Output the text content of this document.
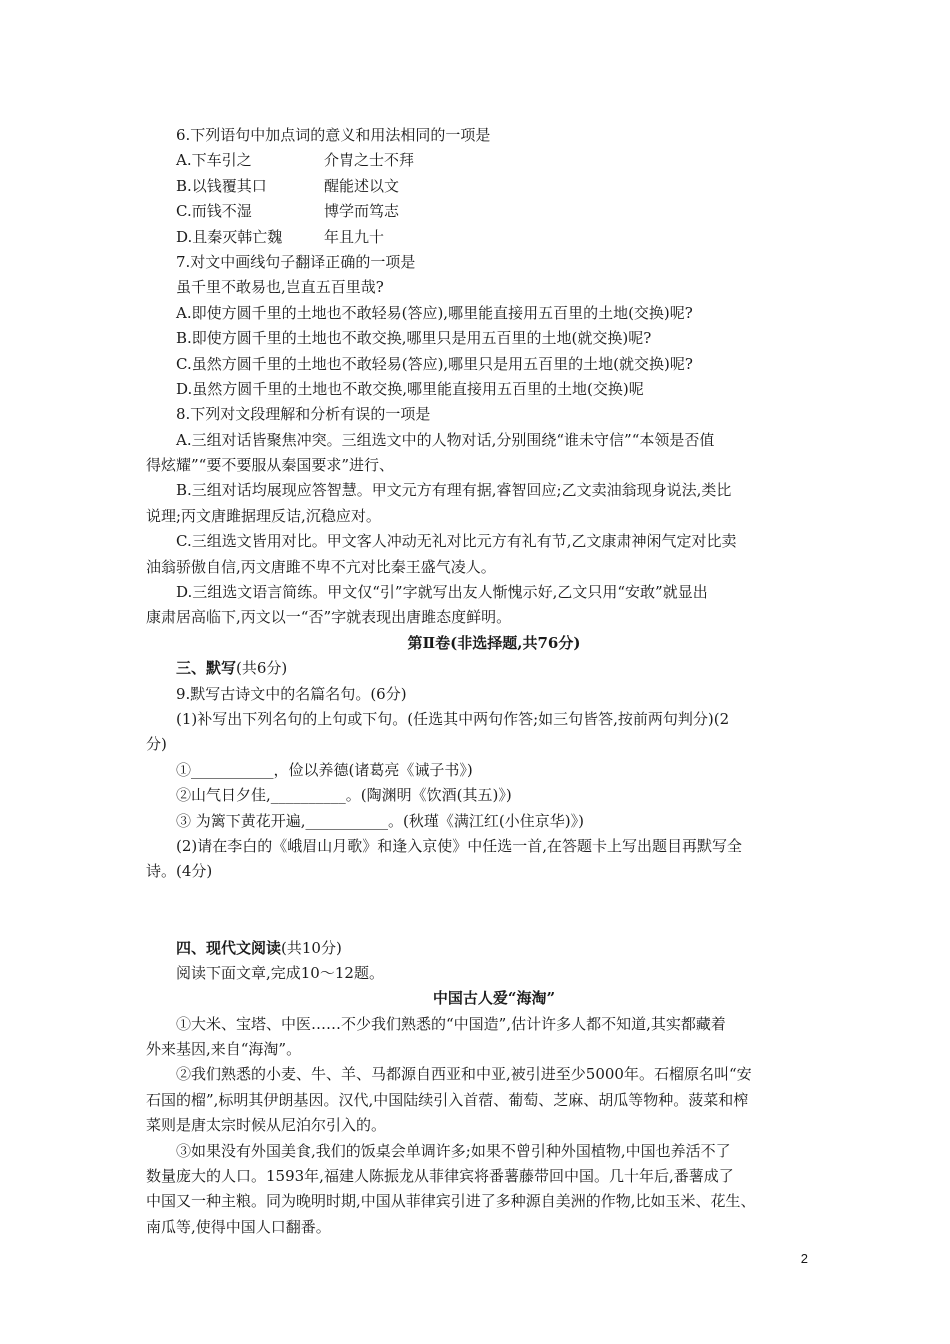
6.下列语句中加点词的意义和用法相同的一项是
A.下车引之	介胄之士不拜
B.以钱覆其口	醒能述以文
C.而钱不湿	博学而笃志
D.且秦灭韩亡魏	年且九十
7.对文中画线句子翻译正确的一项是
虽千里不敢易也,岂直五百里哉?
A.即使方圆千里的土地也不敢轻易(答应),哪里能直接用五百里的土地(交换)呢?
B.即使方圆千里的土地也不敢交换,哪里只是用五百里的土地(就交换)呢?
C.虽然方圆千里的土地也不敢轻易(答应),哪里只是用五百里的土地(就交换)呢?
D.虽然方圆千里的土地也不敢交换,哪里能直接用五百里的土地(交换)呢
8.下列对文段理解和分析有误的一项是
A.三组对话皆聚焦冲突。三组选文中的人物对话,分别围绕“谁未守信”“本领是否值
得炫耀”“要不要服从秦国要求”进行、
B.三组对话均展现应答智慧。甲文元方有理有据,睿智回应;乙文卖油翁现身说法,类比
说理;丙文唐雎据理反诘,沉稳应对。
C.三组选文皆用对比。甲文客人冲动无礼对比元方有礼有节,乙文康肃神闲气定对比卖
油翁骄傲自信,丙文唐雎不卑不亢对比秦王盛气凌人。
D.三组选文语言简练。甲文仅“引”字就写出友人惭愧示好,乙文只用“安敢”就显出
康肃居高临下,丙文以一“否”字就表现出唐雎态度鲜明。
第Ⅱ卷(非选择题,共76分)
三、默写(共6分)
9.默写古诗文中的名篇名句。(6分)
(1)补写出下列名句的上句或下句。(任选其中两句作答;如三句皆答,按前两句判分)(2
分)
①___________，俭以养德(诸葛亮《诫子书》)
②山气日夕佳,__________。(陶渊明《饮酒(其五)》)
③ 为篱下黄花开遍,___________。(秋瑾《满江红(小住京华)》)
(2)请在李白的《峨眉山月歌》和逢入京使》中任选一首,在答题卡上写出题目再默写全
诗。(4分)
四、现代文阅读(共10分)
阅读下面文章,完成10～12题。
中国古人爱“海淘”
①大米、宝塔、中医……不少我们熟悉的“中国造”,估计许多人都不知道,其实都藏着
外来基因,来自“海淘”。
②我们熟悉的小麦、牛、羊、马都源自西亚和中亚,被引进至少5000年。石榴原名叫“安
石国的榴”,标明其伊朗基因。汉代,中国陆续引入首蓿、葡萄、芝麻、胡瓜等物种。菠菜和榨
菜则是唐太宗时候从尼泊尔引入的。
③如果没有外国美食,我们的饭桌会单调许多;如果不曾引种外国植物,中国也养活不了
数量庞大的人口。1593年,福建人陈振龙从菲律宾将番薯藤带回中国。几十年后,番薯成了
中国又一种主粮。同为晚明时期,中国从菲律宾引进了多种源自美洲的作物,比如玉米、花生、
南瓜等,使得中国人口翻番。
2
